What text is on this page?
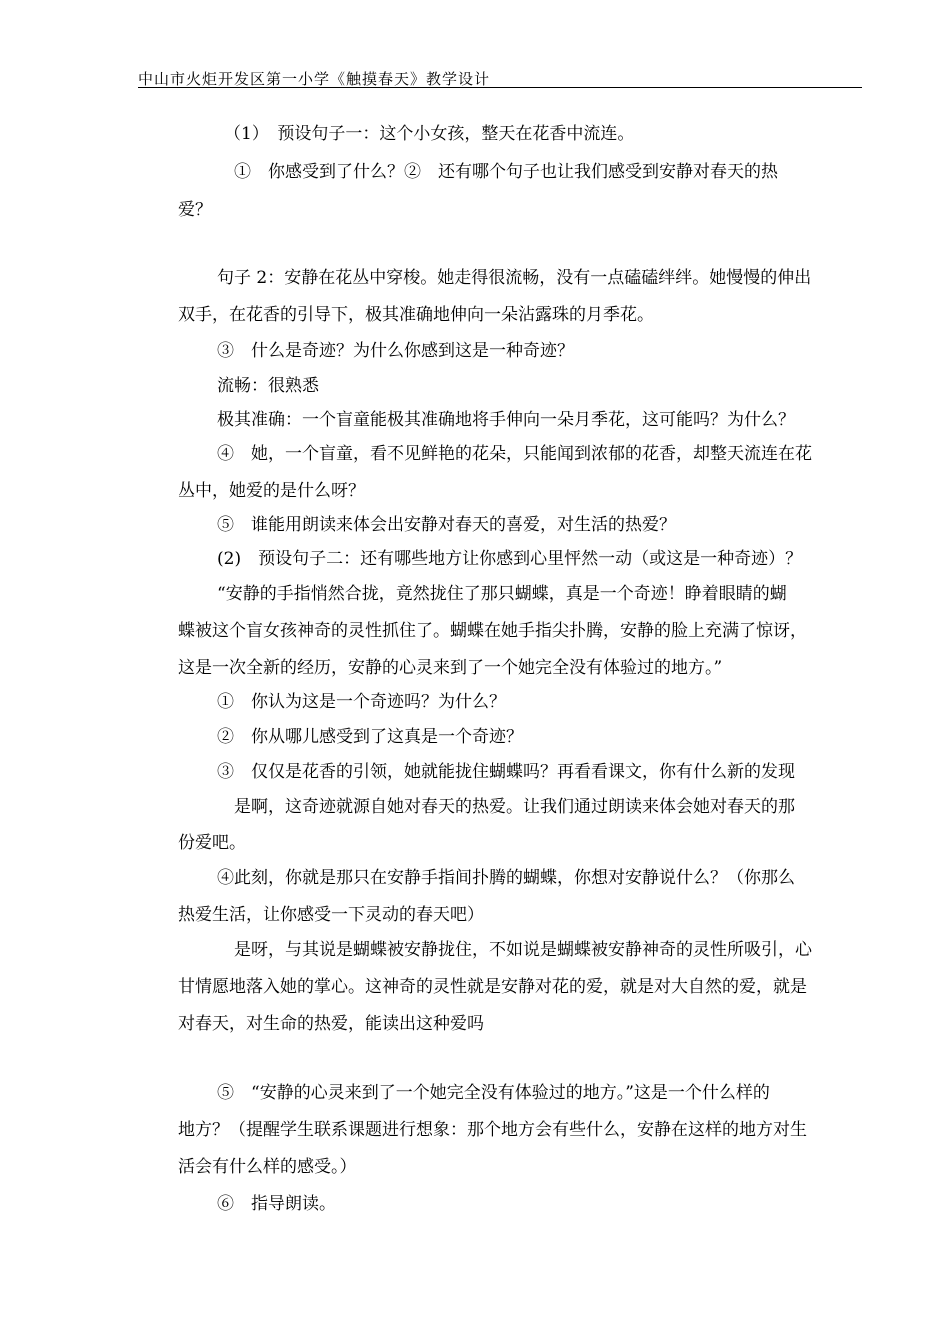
中山市火炬开发区第一小学《触摸春天》教学设计
（1）　预设句子一：这个小女孩，整天在花香中流连。
①　你感受到了什么？②　还有哪个句子也让我们感受到安静对春天的热
爱？
句子 2：安静在花丛中穿梭。她走得很流畅，没有一点磕磕绊绊。她慢慢的伸出
双手，在花香的引导下，极其准确地伸向一朵沾露珠的月季花。
③　什么是奇迹？为什么你感到这是一种奇迹？
流畅：很熟悉
极其准确：一个盲童能极其准确地将手伸向一朵月季花，这可能吗？为什么？
④　她，一个盲童，看不见鲜艳的花朵，只能闻到浓郁的花香，却整天流连在花
丛中，她爱的是什么呀？
⑤　谁能用朗读来体会出安静对春天的喜爱，对生活的热爱？
(2)　预设句子二：还有哪些地方让你感到心里怦然一动（或这是一种奇迹）？
“安静的手指悄然合拢，竟然拢住了那只蝴蝶，真是一个奇迹！睁着眼睛的蝴
蝶被这个盲女孩神奇的灵性抓住了。蝴蝶在她手指尖扑腾，安静的脸上充满了惊讶，
这是一次全新的经历，安静的心灵来到了一个她完全没有体验过的地方。”
①　你认为这是一个奇迹吗？为什么？
②　你从哪儿感受到了这真是一个奇迹？
③　仅仅是花香的引领，她就能拢住蝴蝶吗？再看看课文，你有什么新的发现
是啊，这奇迹就源自她对春天的热爱。让我们通过朗读来体会她对春天的那
份爱吧。
④此刻，你就是那只在安静手指间扑腾的蝴蝶，你想对安静说什么？（你那么
热爱生活，让你感受一下灵动的春天吧）
是呀，与其说是蝴蝶被安静拢住，不如说是蝴蝶被安静神奇的灵性所吸引，心
甘情愿地落入她的掌心。这神奇的灵性就是安静对花的爱，就是对大自然的爱，就是
对春天，对生命的热爱，能读出这种爱吗
⑤　“安静的心灵来到了一个她完全没有体验过的地方。”这是一个什么样的
地方？（提醒学生联系课题进行想象：那个地方会有些什么，安静在这样的地方对生
活会有什么样的感受。）
⑥　指导朗读。
